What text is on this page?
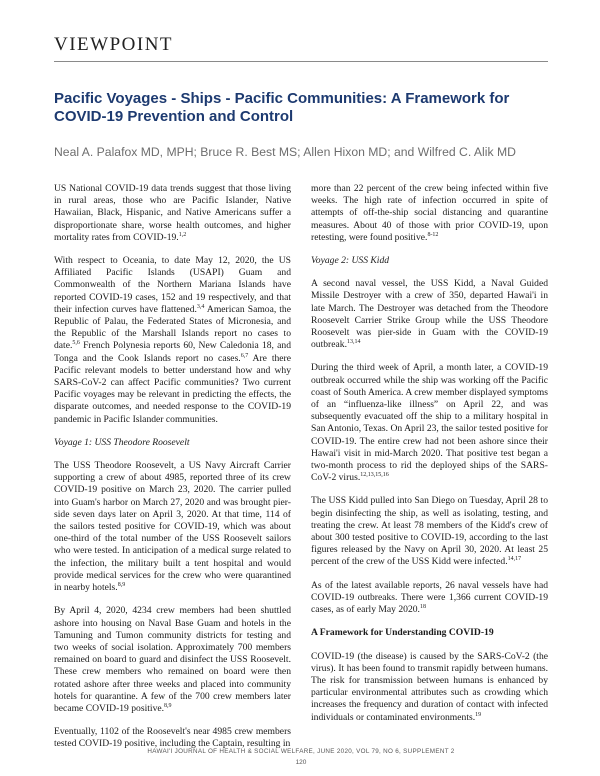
VIEWPOINT
Pacific Voyages - Ships - Pacific Communities: A Framework for COVID-19 Prevention and Control
Neal A. Palafox MD, MPH; Bruce R. Best MS; Allen Hixon MD; and Wilfred C. Alik MD

US National COVID-19 data trends suggest that those living in rural areas, those who are Pacific Islander, Native Hawaiian, Black, Hispanic, and Native Americans suffer a disproportionate share, worse health outcomes, and higher mortality rates from COVID-19.$^{1,2}$

With respect to Oceania, to date May 12, 2020, the US Affiliated Pacific Islands (USAPI) Guam and Commonwealth of the Northern Mariana Islands have reported COVID-19 cases, 152 and 19 respectively, and that their infection curves have flattened.$^{3,4}$ American Samoa, the Republic of Palau, the Federated States of Micronesia, and the Republic of the Marshall Islands report no cases to date.$^{5,6}$ French Polynesia reports 60, New Caledonia 18, and Tonga and the Cook Islands report no cases.$^{6,7}$ Are there Pacific relevant models to better understand how and why SARS-CoV-2 can affect Pacific communities? Two current Pacific voyages may be relevant in predicting the effects, the disparate outcomes, and needed response to the COVID-19 pandemic in Pacific Islander communities.

Voyage 1: USS Theodore Roosevelt

The USS Theodore Roosevelt, a US Navy Aircraft Carrier supporting a crew of about 4985, reported three of its crew COVID-19 positive on March 23, 2020. The carrier pulled into Guam's harbor on March 27, 2020 and was brought pier-side seven days later on April 3, 2020. At that time, 114 of the sailors tested positive for COVID-19, which was about one-third of the total number of the USS Roosevelt sailors who were tested. In anticipation of a medical surge related to the infection, the military built a tent hospital and would provide medical services for the crew who were quarantined in nearby hotels.$^{8,9}$

By April 4, 2020, 4234 crew members had been shuttled ashore into housing on Naval Base Guam and hotels in the Tamuning and Tumon community districts for testing and two weeks of social isolation. Approximately 700 members remained on board to guard and disinfect the USS Roosevelt. These crew members who remained on board were then rotated ashore after three weeks and placed into community hotels for quarantine. A few of the 700 crew members later became COVID-19 positive.$^{8,9}$

Eventually, 1102 of the Roosevelt's near 4985 crew members tested COVID-19 positive, including the Captain, resulting in

more than 22 percent of the crew being infected within five weeks. The high rate of infection occurred in spite of attempts of off-the-ship social distancing and quarantine measures. About 40 of those with prior COVID-19, upon retesting, were found positive.$^{8-12}$

Voyage 2: USS Kidd

A second naval vessel, the USS Kidd, a Naval Guided Missile Destroyer with a crew of 350, departed Hawai'i in late March. The Destroyer was detached from the Theodore Roosevelt Carrier Strike Group while the USS Theodore Roosevelt was pier-side in Guam with the COVID-19 outbreak.$^{13,14}$

During the third week of April, a month later, a COVID-19 outbreak occurred while the ship was working off the Pacific coast of South America. A crew member displayed symptoms of an “influenza-like illness” on April 22, and was subsequently evacuated off the ship to a military hospital in San Antonio, Texas. On April 23, the sailor tested positive for COVID-19. The entire crew had not been ashore since their Hawai'i visit in mid-March 2020. That positive test began a two-month process to rid the deployed ships of the SARS-CoV-2 virus.$^{12,13,15,16}$

The USS Kidd pulled into San Diego on Tuesday, April 28 to begin disinfecting the ship, as well as isolating, testing, and treating the crew. At least 78 members of the Kidd's crew of about 300 tested positive to COVID-19, according to the last figures released by the Navy on April 30, 2020. At least 25 percent of the crew of the USS Kidd were infected.$^{14,17}$

As of the latest available reports, 26 naval vessels have had COVID-19 outbreaks. There were 1,366 current COVID-19 cases, as of early May 2020.18

A Framework for Understanding COVID-19

COVID-19 (the disease) is caused by the SARS-CoV-2 (the virus). It has been found to transmit rapidly between humans. The risk for transmission between humans is enhanced by particular environmental attributes such as crowding which increases the frequency and duration of contact with infected individuals or contaminated environments.$^{19}$

HAWAI'I JOURNAL OF HEALTH & SOCIAL WELFARE, JUNE 2020, VOL 79, NO 6, SUPPLEMENT 2
120
